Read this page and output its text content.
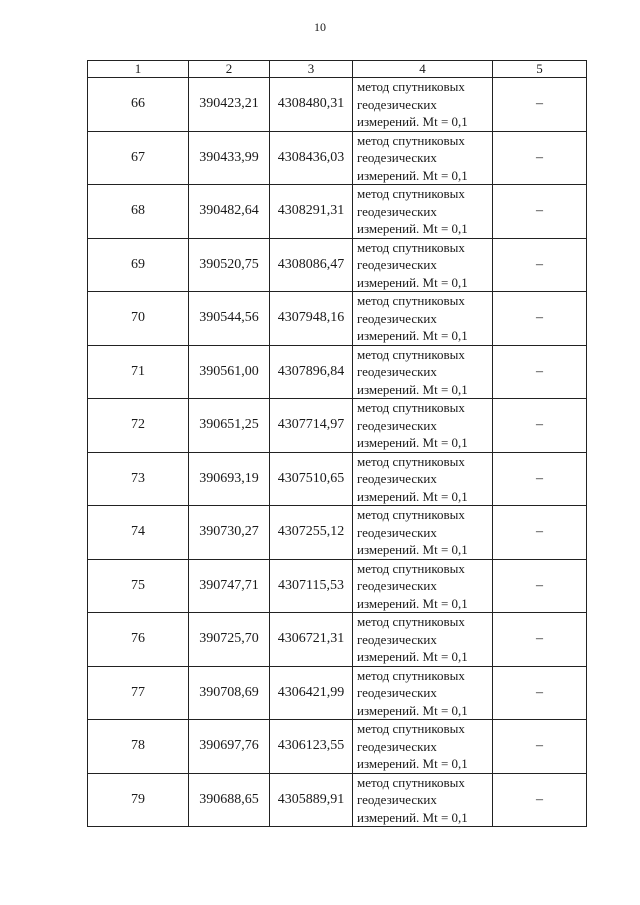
10
1	2	3	4	5
66	390423,21	4308480,31	метод спутниковых
геодезических
измерений. Mt = 0,1	–
67	390433,99	4308436,03	метод спутниковых
геодезических
измерений. Mt = 0,1	–
68	390482,64	4308291,31	метод спутниковых
геодезических
измерений. Mt = 0,1	–
69	390520,75	4308086,47	метод спутниковых
геодезических
измерений. Mt = 0,1	–
70	390544,56	4307948,16	метод спутниковых
геодезических
измерений. Mt = 0,1	–
71	390561,00	4307896,84	метод спутниковых
геодезических
измерений. Mt = 0,1	–
72	390651,25	4307714,97	метод спутниковых
геодезических
измерений. Mt = 0,1	–
73	390693,19	4307510,65	метод спутниковых
геодезических
измерений. Mt = 0,1	–
74	390730,27	4307255,12	метод спутниковых
геодезических
измерений. Mt = 0,1	–
75	390747,71	4307115,53	метод спутниковых
геодезических
измерений. Mt = 0,1	–
76	390725,70	4306721,31	метод спутниковых
геодезических
измерений. Mt = 0,1	–
77	390708,69	4306421,99	метод спутниковых
геодезических
измерений. Mt = 0,1	–
78	390697,76	4306123,55	метод спутниковых
геодезических
измерений. Mt = 0,1	–
79	390688,65	4305889,91	метод спутниковых
геодезических
измерений. Mt = 0,1	–
